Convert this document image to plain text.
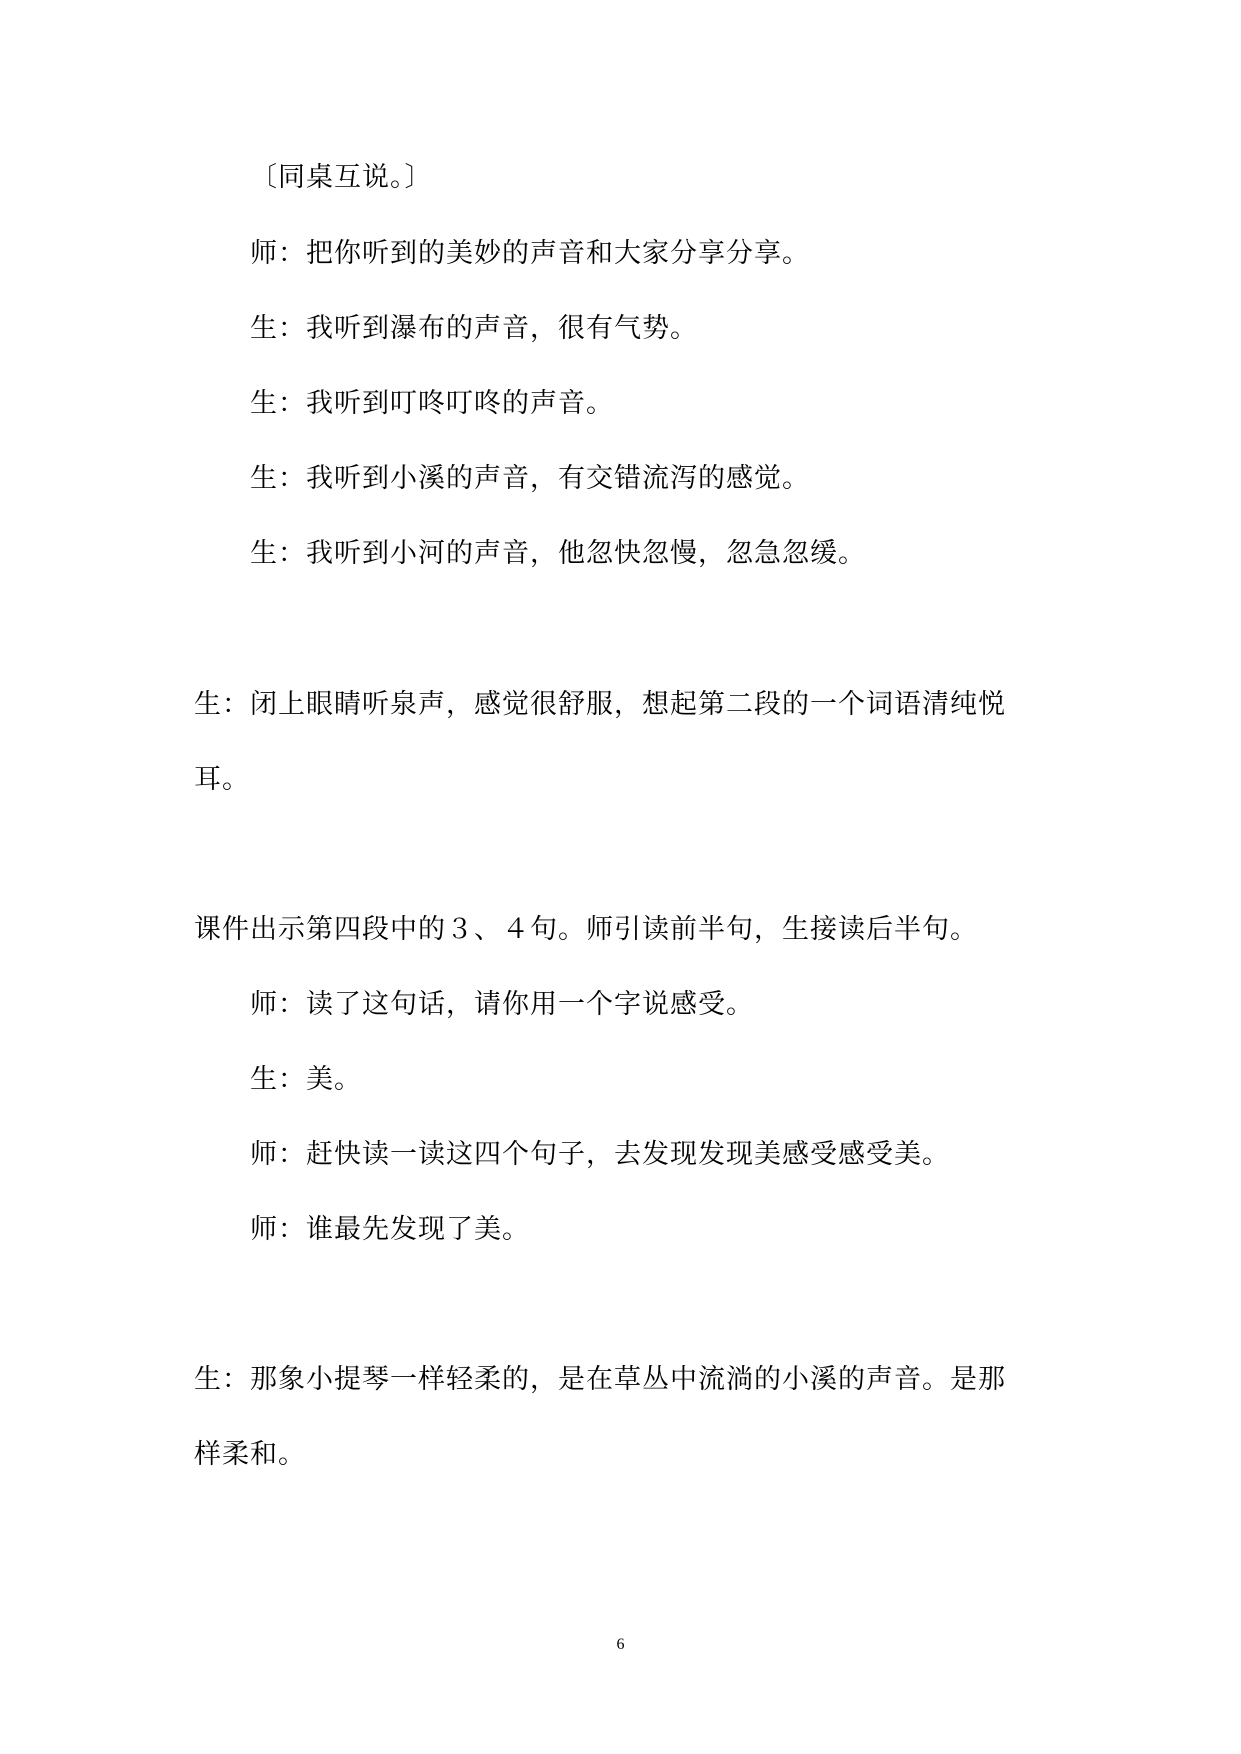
〔同桌互说。〕
师：把你听到的美妙的声音和大家分享分享。
生：我听到瀑布的声音，很有气势。
生：我听到叮咚叮咚的声音。
生：我听到小溪的声音，有交错流泻的感觉。
生：我听到小河的声音，他忽快忽慢，忽急忽缓。
生：闭上眼睛听泉声，感觉很舒服，想起第二段的一个词语清纯悦
耳。
课件出示第四段中的３、４句。师引读前半句，生接读后半句。
师：读了这句话，请你用一个字说感受。
生：美。
师：赶快读一读这四个句子，去发现发现美感受感受美。
师：谁最先发现了美。
生：那象小提琴一样轻柔的，是在草丛中流淌的小溪的声音。是那
样柔和。
6
